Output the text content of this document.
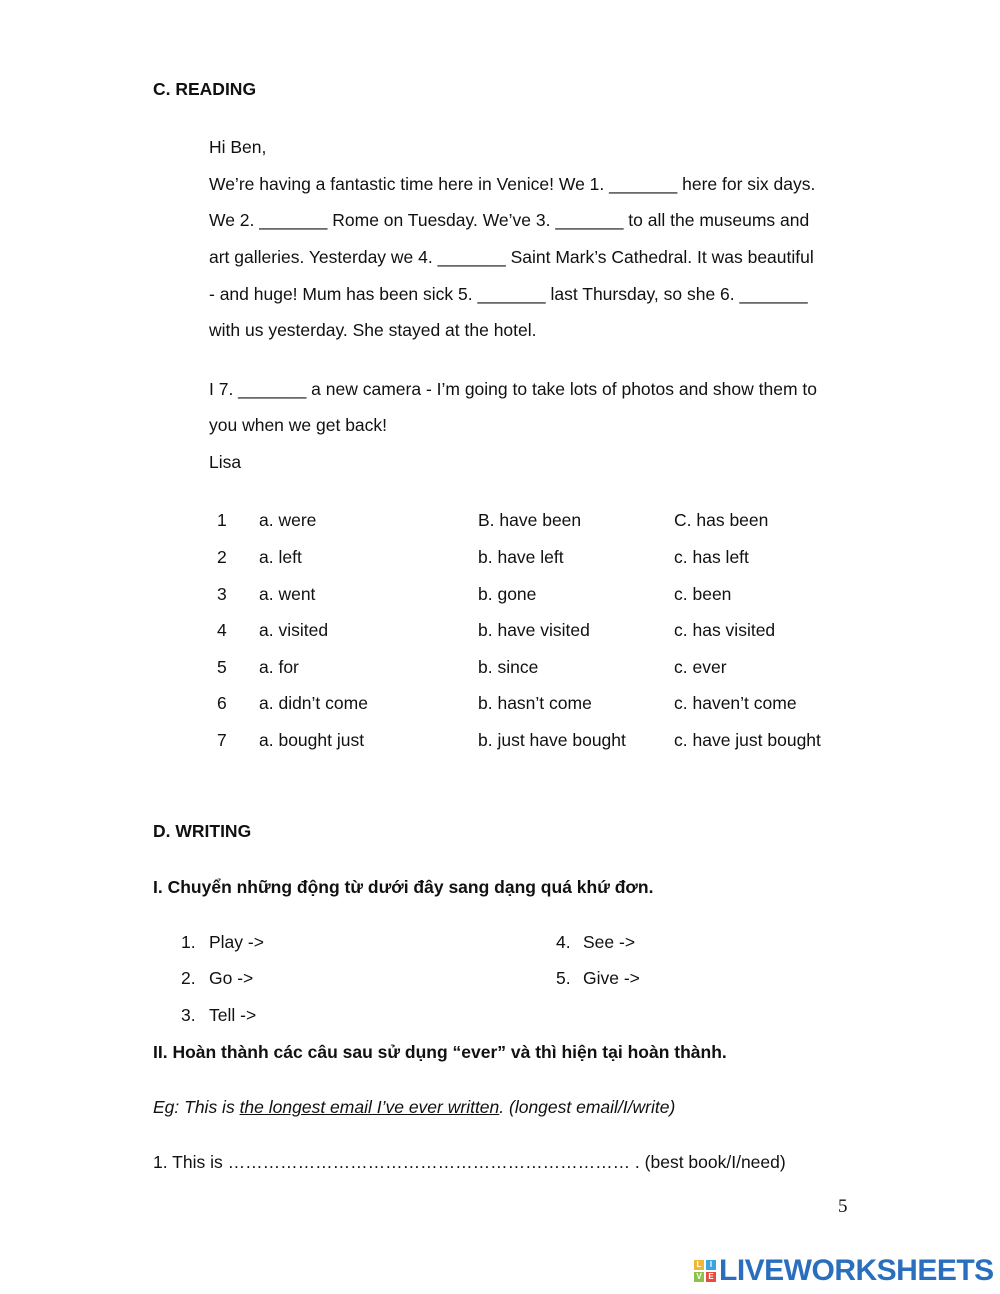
C. READING
Hi Ben,
We’re having a fantastic time here in Venice! We 1. _______ here for six days.
We 2. _______ Rome on Tuesday. We’ve 3. _______ to all the museums and
art galleries. Yesterday we 4. _______ Saint Mark’s Cathedral. It was beautiful
- and huge! Mum has been sick 5. _______ last Thursday, so she 6. _______
with us yesterday. She stayed at the hotel.
I 7. _______ a new camera - I’m going to take lots of photos and show them to
you when we get back!
Lisa
1 a. were	B. have been	C. has been
2 a. left	b. have left	c. has left
3 a. went	b. gone	c. been
4 a. visited	b. have visited	c. has visited
5 a. for	b. since	c. ever
6 a. didn’t come	b. hasn’t come	c. haven’t come
7 a. bought just	b. just have bought	c. have just bought
D. WRITING
I. Chuyển những động từ dưới đây sang dạng quá khứ đơn.
1. Play ->
2. Go ->
3. Tell ->
4. See ->
5. Give ->
II. Hoàn thành các câu sau sử dụng “ever” và thì hiện tại hoàn thành.
Eg: This is the longest email I’ve ever written. (longest email/I/write)
1. This is …………………………………………………………… . (best book/I/need)
5
L	I
V E LIVEWORKSHEETS
